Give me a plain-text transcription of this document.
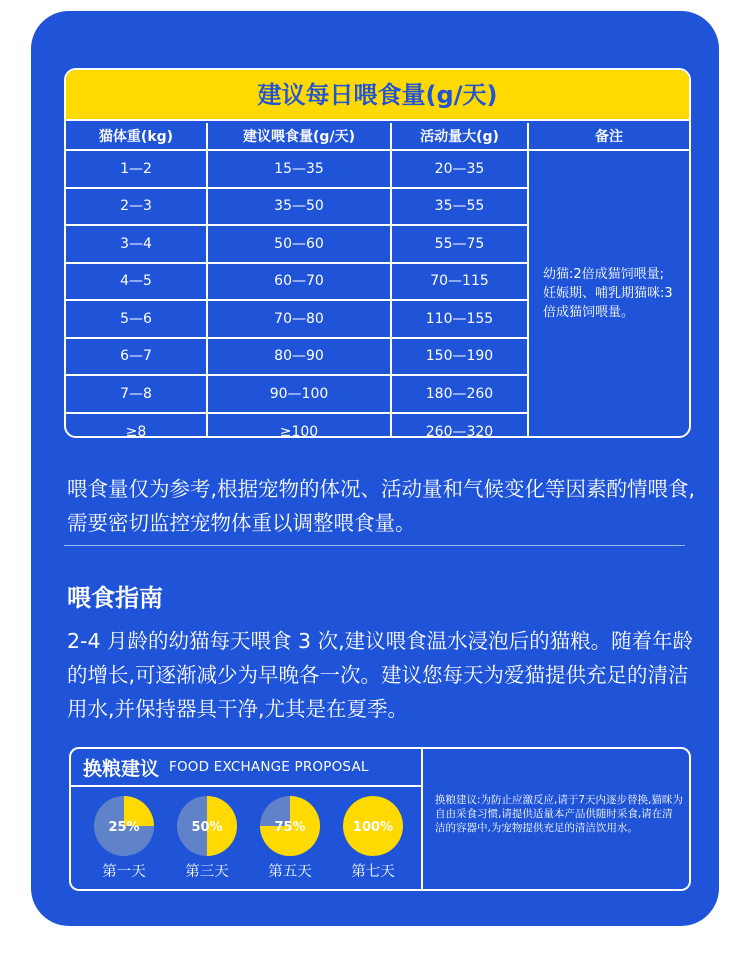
建议每日喂食量(g/天)
猫体重(kg)	建议喂食量(g/天)	活动量大(g)	备注
1—2	15—35	20—35
2—3	35—50	35—55
3—4	50—60	55—75
4—5	60—70	70—115
5—6	70—80	110—155
6—7	80—90	150—190
7—8	90—100	180—260
≥8	≥100	260—320
幼猫:2倍成猫饲喂量;妊娠期、哺乳期猫咪:3倍成猫饲喂量。
喂食量仅为参考,根据宠物的体况、活动量和气候变化等因素酌情喂食,需要密切监控宠物体重以调整喂食量。
喂食指南
2-4 月龄的幼猫每天喂食 3 次,建议喂食温水浸泡后的猫粮。随着年龄的增长,可逐渐减少为早晚各一次。建议您每天为爱猫提供充足的清洁用水,并保持器具干净,尤其是在夏季。
换粮建议 FOOD EXCHANGE PROPOSAL
25%
第一天
50%
第三天
75%
第五天
100%
第七天
换粮建议:为防止应激反应,请于7天内逐步替换,猫咪为自由采食习惯,请提供适量本产品供随时采食,请在清洁的容器中,为宠物提供充足的清洁饮用水。
